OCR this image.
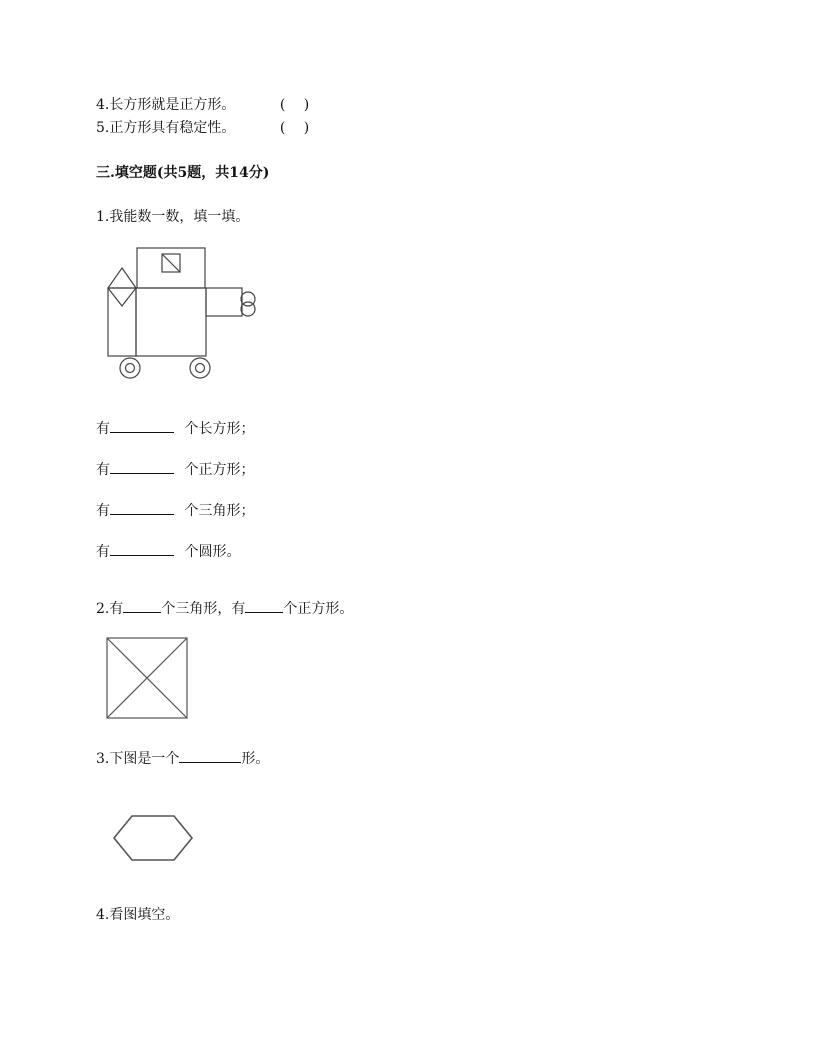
4.长方形就是正方形。	( )
5.正方形具有稳定性。	( )
三.填空题(共5题，共14分)
1.我能数一数，填一填。
有	个长方形；
有	个正方形；
有	个三角形；
有	个圆形。
2.有	个三角形，有	个正方形。
3.下图是一个	形。
4.看图填空。
